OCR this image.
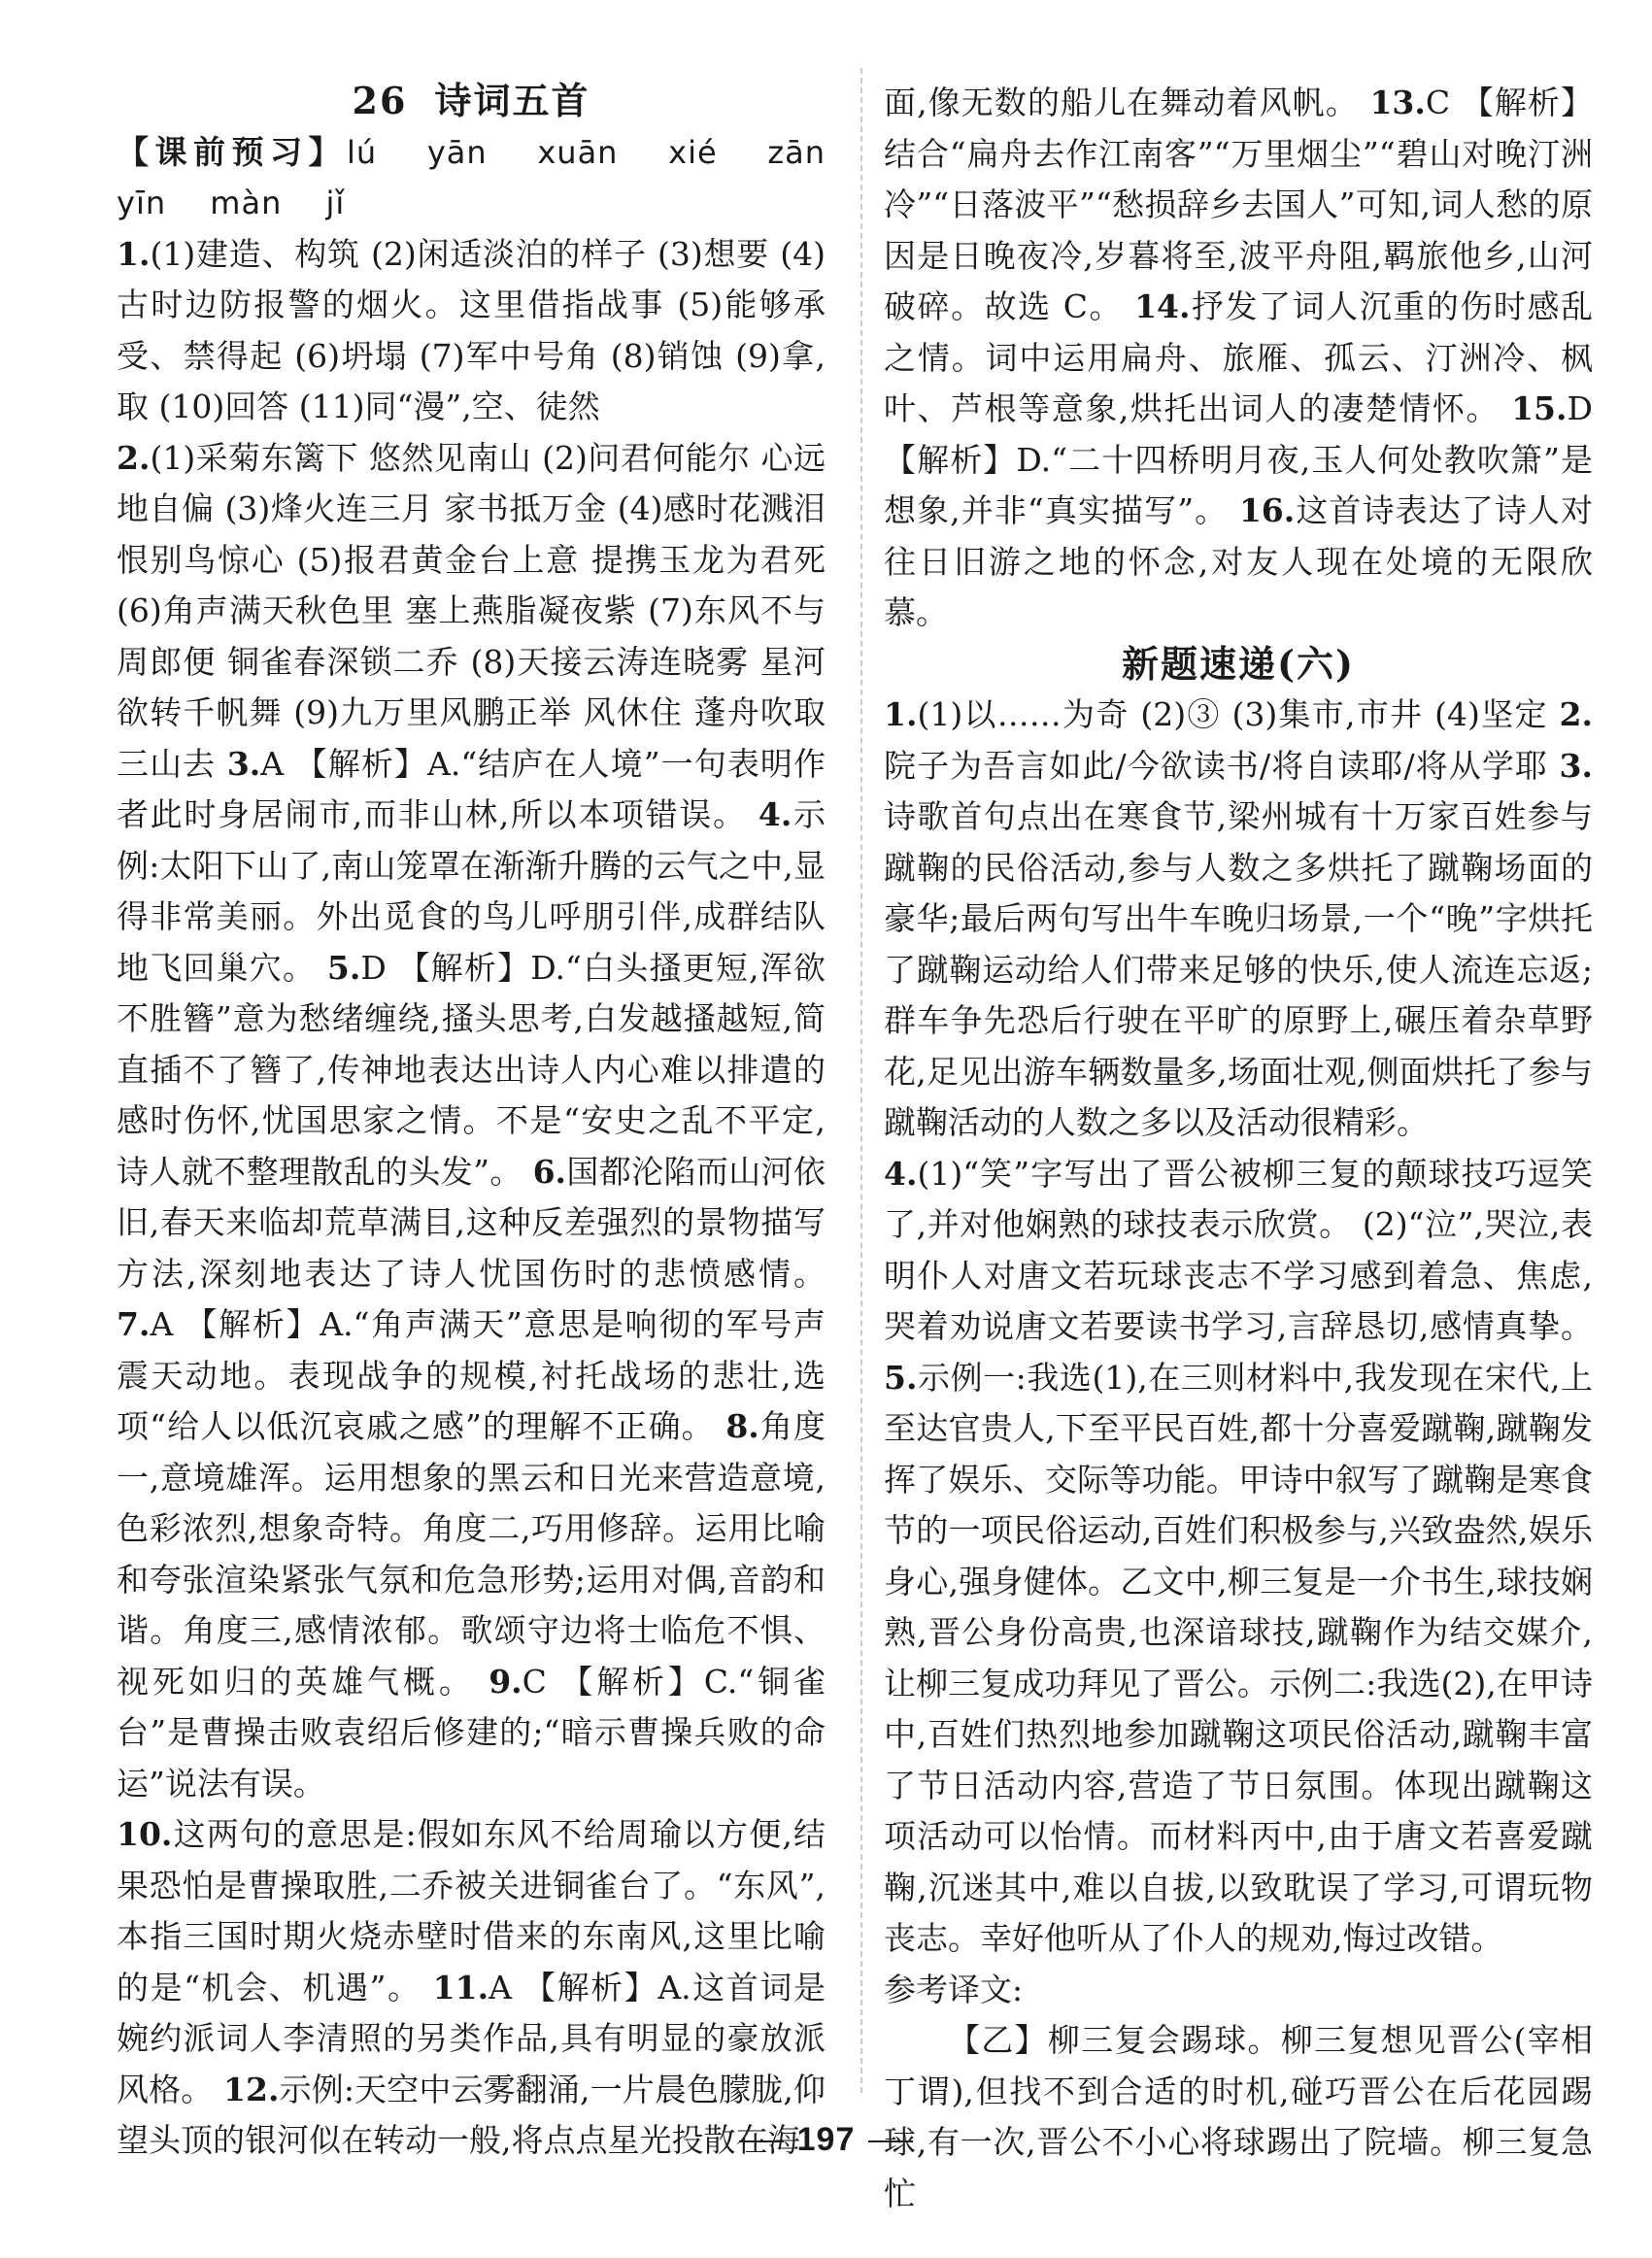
26 诗词五首

【课前预习】lú yān xuān xié zān yīn màn jǐ

1.(1)建造、构筑 (2)闲适淡泊的样子 (3)想要 (4)古时边防报警的烟火。这里借指战事 (5)能够承受、禁得起 (6)坍塌 (7)军中号角 (8)销蚀 (9)拿,取 (10)回答 (11)同“漫”,空、徒然

2.(1)采菊东篱下 悠然见南山 (2)问君何能尔 心远地自偏 (3)烽火连三月 家书抵万金 (4)感时花溅泪 恨别鸟惊心 (5)报君黄金台上意 提携玉龙为君死 (6)角声满天秋色里 塞上燕脂凝夜紫 (7)东风不与周郎便 铜雀春深锁二乔 (8)天接云涛连晓雾 星河欲转千帆舞 (9)九万里风鹏正举 风休住 蓬舟吹取三山去 3.A 【解析】A.“结庐在人境”一句表明作者此时身居闹市,而非山林,所以本项错误。 4.示例:太阳下山了,南山笼罩在渐渐升腾的云气之中,显得非常美丽。外出觅食的鸟儿呼朋引伴,成群结队地飞回巢穴。 5.D 【解析】D.“白头搔更短,浑欲不胜簪”意为愁绪缠绕,搔头思考,白发越搔越短,简直插不了簪了,传神地表达出诗人内心难以排遣的感时伤怀,忧国思家之情。不是“安史之乱不平定,诗人就不整理散乱的头发”。 6.国都沦陷而山河依旧,春天来临却荒草满目,这种反差强烈的景物描写方法,深刻地表达了诗人忧国伤时的悲愤感情。 7.A 【解析】A.“角声满天”意思是响彻的军号声震天动地。表现战争的规模,衬托战场的悲壮,选项“给人以低沉哀戚之感”的理解不正确。 8.角度一,意境雄浑。运用想象的黑云和日光来营造意境,色彩浓烈,想象奇特。角度二,巧用修辞。运用比喻和夸张渲染紧张气氛和危急形势;运用对偶,音韵和谐。角度三,感情浓郁。歌颂守边将士临危不惧、视死如归的英雄气概。 9.C 【解析】C.“铜雀台”是曹操击败袁绍后修建的;“暗示曹操兵败的命运”说法有误。

10.这两句的意思是:假如东风不给周瑜以方便,结果恐怕是曹操取胜,二乔被关进铜雀台了。“东风”,本指三国时期火烧赤壁时借来的东南风,这里比喻的是“机会、机遇”。 11.A 【解析】A.这首词是婉约派词人李清照的另类作品,具有明显的豪放派风格。 12.示例:天空中云雾翻涌,一片晨色朦胧,仰望头顶的银河似在转动一般,将点点星光投散在海

面,像无数的船儿在舞动着风帆。 13.C 【解析】结合“扁舟去作江南客”“万里烟尘”“碧山对晚汀洲冷”“日落波平”“愁损辞乡去国人”可知,词人愁的原因是日晚夜冷,岁暮将至,波平舟阻,羁旅他乡,山河破碎。故选 C。 14.抒发了词人沉重的伤时感乱之情。词中运用扁舟、旅雁、孤云、汀洲冷、枫叶、芦根等意象,烘托出词人的凄楚情怀。 15.D 【解析】D.“二十四桥明月夜,玉人何处教吹箫”是想象,并非“真实描写”。 16.这首诗表达了诗人对往日旧游之地的怀念,对友人现在处境的无限欣慕。

新题速递(六)

1.(1)以……为奇 (2)③ (3)集市,市井 (4)坚定 2.院子为吾言如此/今欲读书/将自读耶/将从学耶 3.诗歌首句点出在寒食节,梁州城有十万家百姓参与蹴鞠的民俗活动,参与人数之多烘托了蹴鞠场面的豪华;最后两句写出牛车晚归场景,一个“晚”字烘托了蹴鞠运动给人们带来足够的快乐,使人流连忘返;群车争先恐后行驶在平旷的原野上,碾压着杂草野花,足见出游车辆数量多,场面壮观,侧面烘托了参与蹴鞠活动的人数之多以及活动很精彩。

4.(1)“笑”字写出了晋公被柳三复的颠球技巧逗笑了,并对他娴熟的球技表示欣赏。 (2)“泣”,哭泣,表明仆人对唐文若玩球丧志不学习感到着急、焦虑,哭着劝说唐文若要读书学习,言辞恳切,感情真挚。 5.示例一:我选(1),在三则材料中,我发现在宋代,上至达官贵人,下至平民百姓,都十分喜爱蹴鞠,蹴鞠发挥了娱乐、交际等功能。甲诗中叙写了蹴鞠是寒食节的一项民俗运动,百姓们积极参与,兴致盎然,娱乐身心,强身健体。乙文中,柳三复是一介书生,球技娴熟,晋公身份高贵,也深谙球技,蹴鞠作为结交媒介,让柳三复成功拜见了晋公。示例二:我选(2),在甲诗中,百姓们热烈地参加蹴鞠这项民俗活动,蹴鞠丰富了节日活动内容,营造了节日氛围。体现出蹴鞠这项活动可以怡情。而材料丙中,由于唐文若喜爱蹴鞠,沉迷其中,难以自拔,以致耽误了学习,可谓玩物丧志。幸好他听从了仆人的规劝,悔过改错。

参考译文:

【乙】柳三复会踢球。柳三复想见晋公(宰相丁谓),但找不到合适的时机,碰巧晋公在后花园踢球,有一次,晋公不小心将球踢出了院墙。柳三复急忙

197
